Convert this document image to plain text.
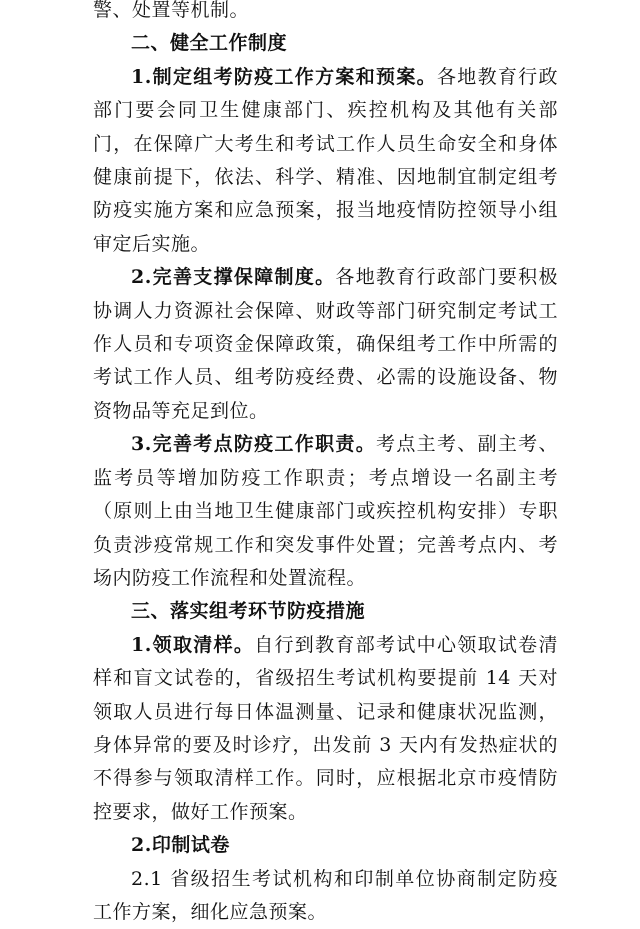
警、处置等机制。

二、健全工作制度

1.制定组考防疫工作方案和预案。各地教育行政部门要会同卫生健康部门、疾控机构及其他有关部门，在保障广大考生和考试工作人员生命安全和身体健康前提下，依法、科学、精准、因地制宜制定组考防疫实施方案和应急预案，报当地疫情防控领导小组审定后实施。

2.完善支撑保障制度。各地教育行政部门要积极协调人力资源社会保障、财政等部门研究制定考试工作人员和专项资金保障政策，确保组考工作中所需的考试工作人员、组考防疫经费、必需的设施设备、物资物品等充足到位。

3.完善考点防疫工作职责。考点主考、副主考、监考员等增加防疫工作职责；考点增设一名副主考（原则上由当地卫生健康部门或疾控机构安排）专职负责涉疫常规工作和突发事件处置；完善考点内、考场内防疫工作流程和处置流程。

三、落实组考环节防疫措施

1.领取清样。自行到教育部考试中心领取试卷清样和盲文试卷的，省级招生考试机构要提前 14 天对领取人员进行每日体温测量、记录和健康状况监测，身体异常的要及时诊疗，出发前 3 天内有发热症状的不得参与领取清样工作。同时，应根据北京市疫情防控要求，做好工作预案。

2.印制试卷

2.1 省级招生考试机构和印制单位协商制定防疫工作方案，细化应急预案。
